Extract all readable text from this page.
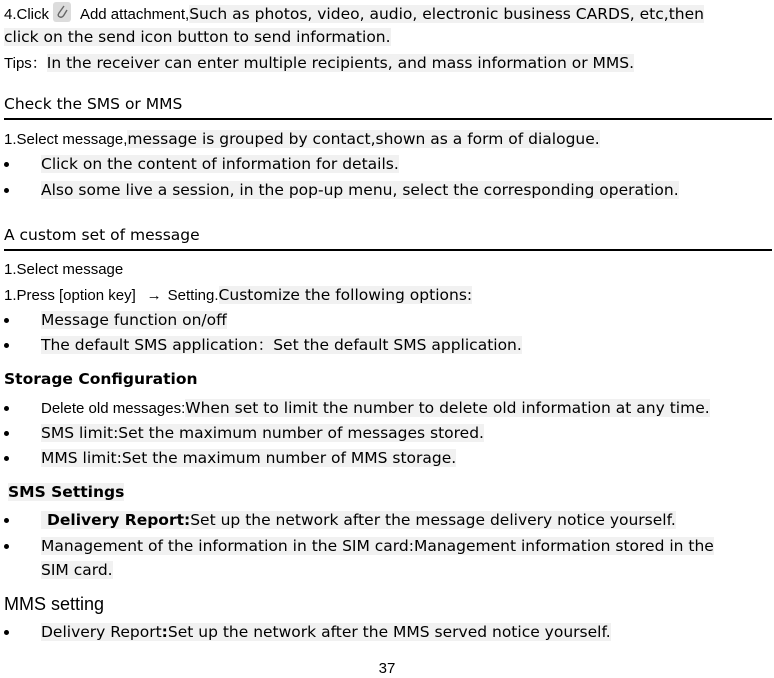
4.Click Add attachment,Such as photos, video, audio, electronic business CARDS, etc,then
click on the send icon button to send information.
Tips：In the receiver can enter multiple recipients, and mass information or MMS.
Check the SMS or MMS
1.Select message,message is grouped by contact,shown as a form of dialogue.
Click on the content of information for details.
Also some live a session, in the pop-up menu, select the corresponding operation.
A custom set of message
1.Select message
1.Press [option key] → Setting.Customize the following options:
Message function on/off
The default SMS application：Set the default SMS application.
Storage Configuration
Delete old messages:When set to limit the number to delete old information at any time.
SMS limit:Set the maximum number of messages stored.
MMS limit:Set the maximum number of MMS storage.
SMS Settings
Delivery Report:Set up the network after the message delivery notice yourself.
Management of the information in the SIM card:Management information stored in the
SIM card.
MMS setting
Delivery Report:Set up the network after the MMS served notice yourself.
37
